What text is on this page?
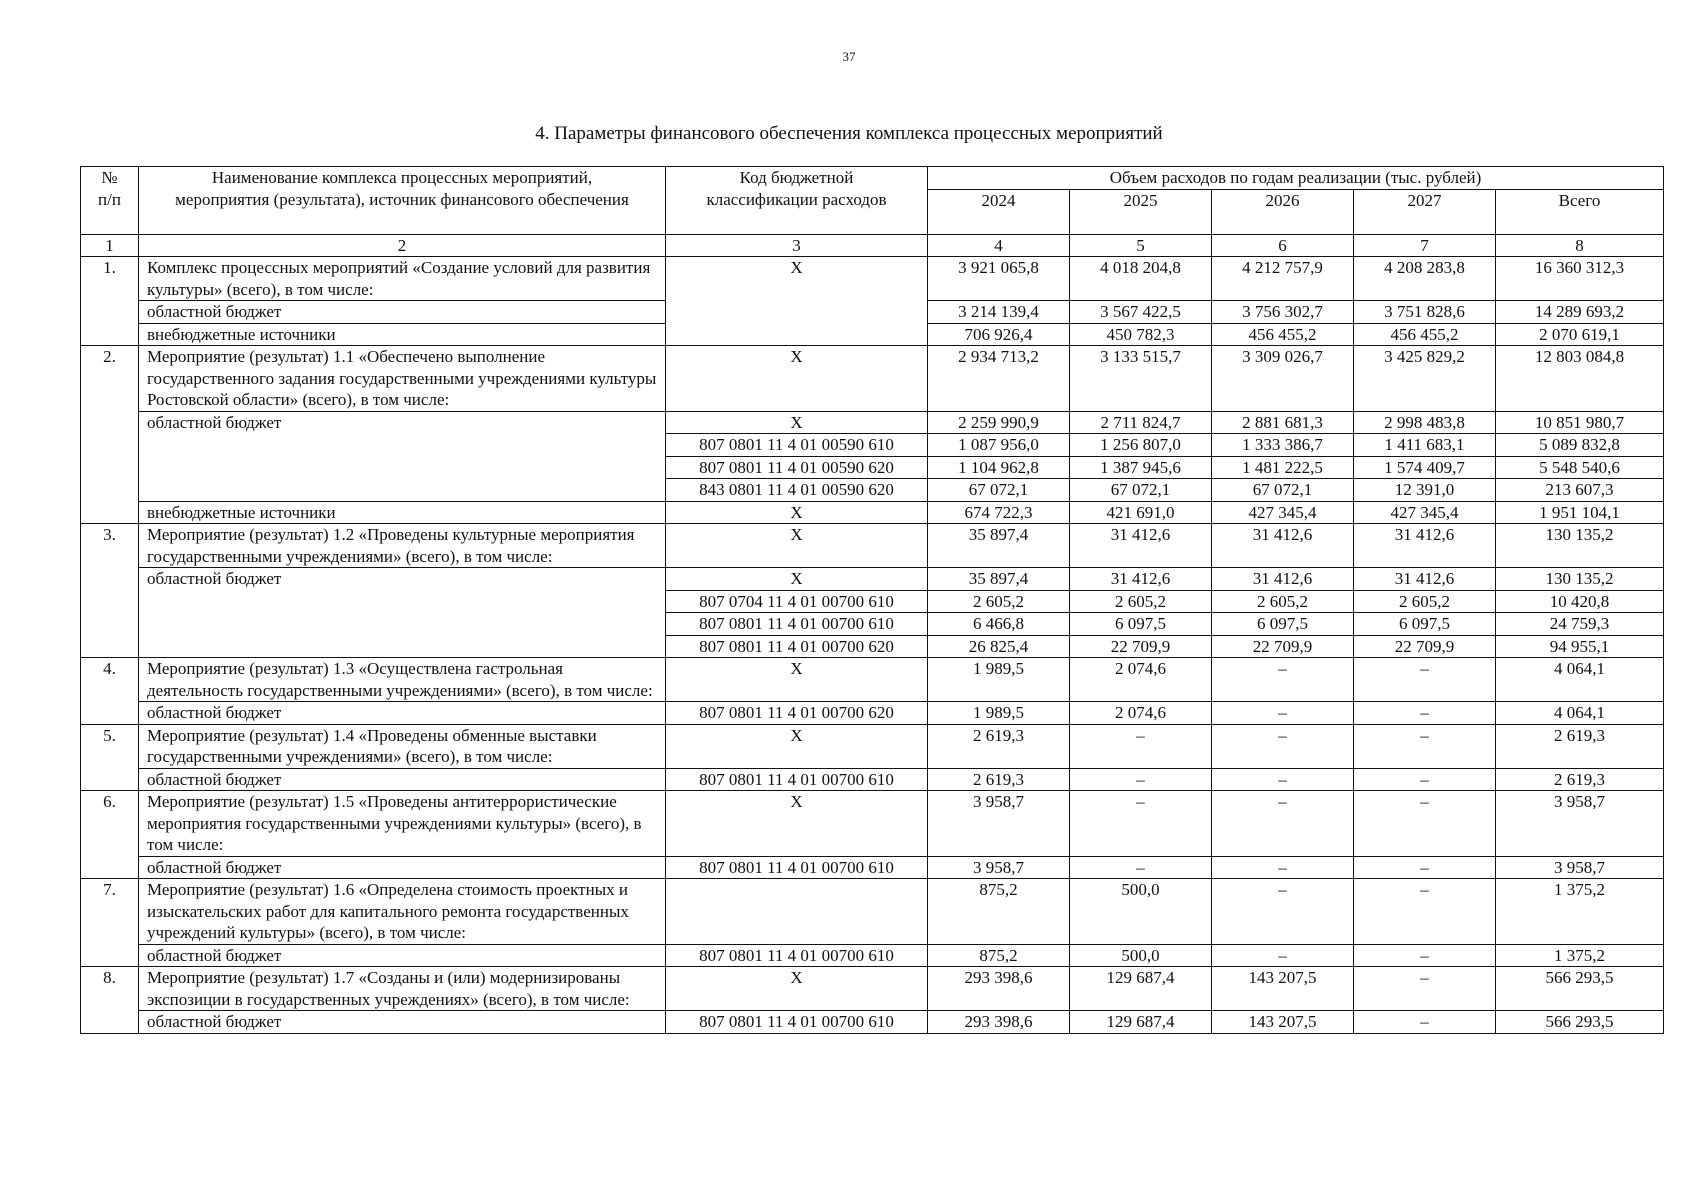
37
4. Параметры финансового обеспечения комплекса процессных мероприятий
№
п/п	Наименование комплекса процессных мероприятий, мероприятия (результата), источник финансового обеспечения	Код бюджетной классификации расходов	Объем расходов по годам реализации (тыс. рублей)				
			2024	2025	2026	2027	Всего
1	2	3	4	5	6	7	8
1.	Комплекс процессных мероприятий «Создание условий для развития культуры» (всего), в том числе:	X	3 921 065,8	4 018 204,8	4 212 757,9	4 208 283,8	16 360 312,3
	областной бюджет		3 214 139,4	3 567 422,5	3 756 302,7	3 751 828,6	14 289 693,2
	внебюджетные источники		706 926,4	450 782,3	456 455,2	456 455,2	2 070 619,1
2.	Мероприятие (результат) 1.1 «Обеспечено выполнение государственного задания государственными учреждениями культуры Ростовской области» (всего), в том числе:	X	2 934 713,2	3 133 515,7	3 309 026,7	3 425 829,2	12 803 084,8
	областной бюджет	X	2 259 990,9	2 711 824,7	2 881 681,3	2 998 483,8	10 851 980,7
		807 0801 11 4 01 00590 610	1 087 956,0	1 256 807,0	1 333 386,7	1 411 683,1	5 089 832,8
		807 0801 11 4 01 00590 620	1 104 962,8	1 387 945,6	1 481 222,5	1 574 409,7	5 548 540,6
		843 0801 11 4 01 00590 620	67 072,1	67 072,1	67 072,1	12 391,0	213 607,3
	внебюджетные источники	X	674 722,3	421 691,0	427 345,4	427 345,4	1 951 104,1
3.	Мероприятие (результат) 1.2 «Проведены культурные мероприятия государственными учреждениями» (всего), в том числе:	X	35 897,4	31 412,6	31 412,6	31 412,6	130 135,2
	областной бюджет	X	35 897,4	31 412,6	31 412,6	31 412,6	130 135,2
		807 0704 11 4 01 00700 610	2 605,2	2 605,2	2 605,2	2 605,2	10 420,8
		807 0801 11 4 01 00700 610	6 466,8	6 097,5	6 097,5	6 097,5	24 759,3
		807 0801 11 4 01 00700 620	26 825,4	22 709,9	22 709,9	22 709,9	94 955,1
4.	Мероприятие (результат) 1.3 «Осуществлена гастрольная деятельность государственными учреждениями» (всего), в том числе:	X	1 989,5	2 074,6	–	–	4 064,1
	областной бюджет	807 0801 11 4 01 00700 620	1 989,5	2 074,6	–	–	4 064,1
5.	Мероприятие (результат) 1.4 «Проведены обменные выставки государственными учреждениями» (всего), в том числе:	X	2 619,3	–	–	–	2 619,3
	областной бюджет	807 0801 11 4 01 00700 610	2 619,3	–	–	–	2 619,3
6.	Мероприятие (результат) 1.5 «Проведены антитеррористические мероприятия государственными учреждениями культуры» (всего), в том числе:	X	3 958,7	–	–	–	3 958,7
	областной бюджет	807 0801 11 4 01 00700 610	3 958,7	–	–	–	3 958,7
7.	Мероприятие (результат) 1.6 «Определена стоимость проектных и изыскательских работ для капитального ремонта государственных учреждений культуры» (всего), в том числе:		875,2	500,0	–	–	1 375,2
	областной бюджет	807 0801 11 4 01 00700 610	875,2	500,0	–	–	1 375,2
8.	Мероприятие (результат) 1.7 «Созданы и (или) модернизированы экспозиции в государственных учреждениях» (всего), в том числе:	X	293 398,6	129 687,4	143 207,5	–	566 293,5
	областной бюджет	807 0801 11 4 01 00700 610	293 398,6	129 687,4	143 207,5	–	566 293,5
